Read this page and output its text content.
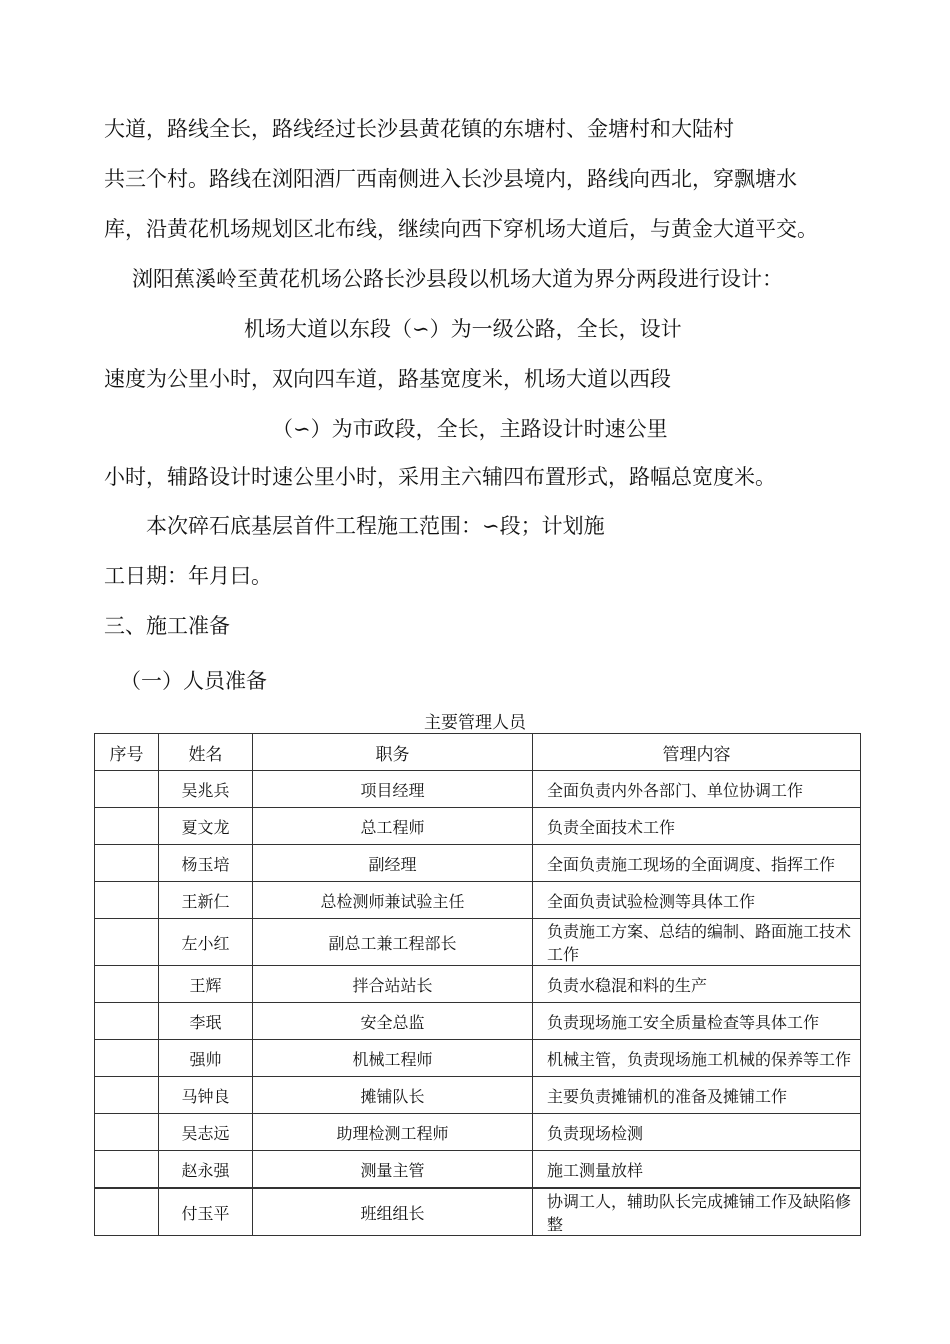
大道，路线全长，路线经过长沙县黄花镇的东塘村、金塘村和大陆村
共三个村。路线在浏阳酒厂西南侧进入长沙县境内，路线向西北，穿飘塘水
库，沿黄花机场规划区北布线，继续向西下穿机场大道后，与黄金大道平交。
浏阳蕉溪岭至黄花机场公路长沙县段以机场大道为界分两段进行设计：
机场大道以东段（∽）为一级公路，全长，设计
速度为公里小时，双向四车道，路基宽度米，机场大道以西段
（∽）为市政段，全长，主路设计时速公里
小时，辅路设计时速公里小时，采用主六辅四布置形式，路幅总宽度米。
本次碎石底基层首件工程施工范围：∽段；计划施
工日期：年月曰。
三、施工准备
（一）人员准备
主要管理人员
序号	姓名	职务	管理内容
	吴兆兵	项目经理	全面负责内外各部门、单位协调工作
	夏文龙	总工程师	负责全面技术工作
	杨玉培	副经理	全面负责施工现场的全面调度、指挥工作
	王新仁	总检测师兼试验主任	全面负责试验检测等具体工作
	左小红	副总工兼工程部长	负责施工方案、总结的编制、路面施工技术工作
	王辉	拌合站站长	负责水稳混和料的生产
	李珉	安全总监	负责现场施工安全质量检查等具体工作
	强帅	机械工程师	机械主管，负责现场施工机械的保养等工作
	马钟良	摊铺队长	主要负责摊铺机的准备及摊铺工作
	吴志远	助理检测工程师	负责现场检测
	赵永强	测量主管	施工测量放样
	付玉平	班组组长	协调工人，辅助队长完成摊铺工作及缺陷修整
